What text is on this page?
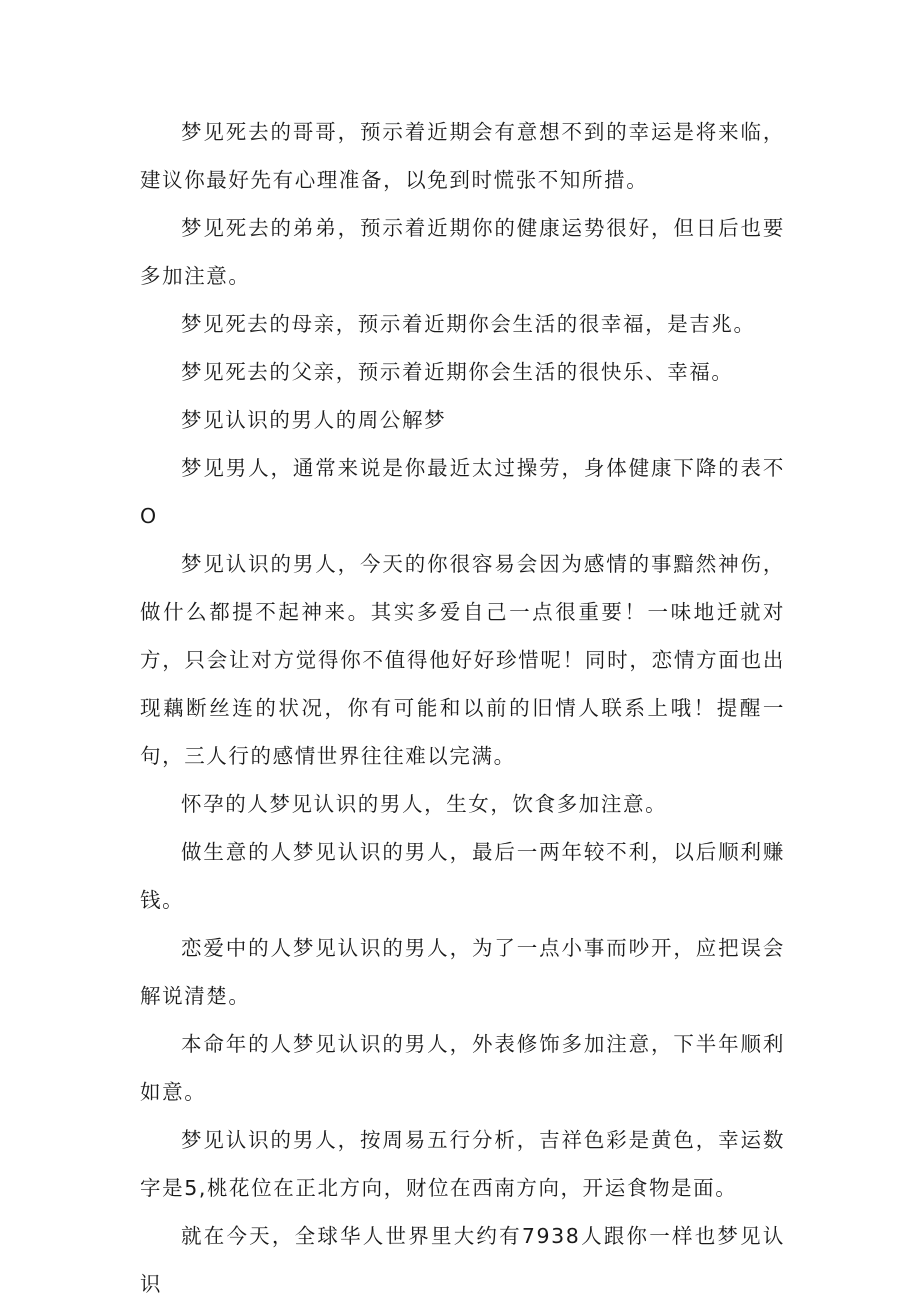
梦见死去的哥哥，预示着近期会有意想不到的幸运是将来临，建议你最好先有心理准备，以免到时慌张不知所措。

梦见死去的弟弟，预示着近期你的健康运势很好，但日后也要多加注意。

梦见死去的母亲，预示着近期你会生活的很幸福，是吉兆。

梦见死去的父亲，预示着近期你会生活的很快乐、幸福。

梦见认识的男人的周公解梦

梦见男人，通常来说是你最近太过操劳，身体健康下降的表不O

梦见认识的男人，今天的你很容易会因为感情的事黯然神伤，做什么都提不起神来。其实多爱自己一点很重要！一味地迁就对方，只会让对方觉得你不值得他好好珍惜呢！同时，恋情方面也出现藕断丝连的状况，你有可能和以前的旧情人联系上哦！提醒一句，三人行的感情世界往往难以完满。

怀孕的人梦见认识的男人，生女，饮食多加注意。

做生意的人梦见认识的男人，最后一两年较不利，以后顺利赚钱。

恋爱中的人梦见认识的男人，为了一点小事而吵开，应把误会解说清楚。

本命年的人梦见认识的男人，外表修饰多加注意，下半年顺利如意。

梦见认识的男人，按周易五行分析，吉祥色彩是黄色，幸运数字是5,桃花位在正北方向，财位在西南方向，开运食物是面。

就在今天，全球华人世界里大约有7938人跟你一样也梦见认识
